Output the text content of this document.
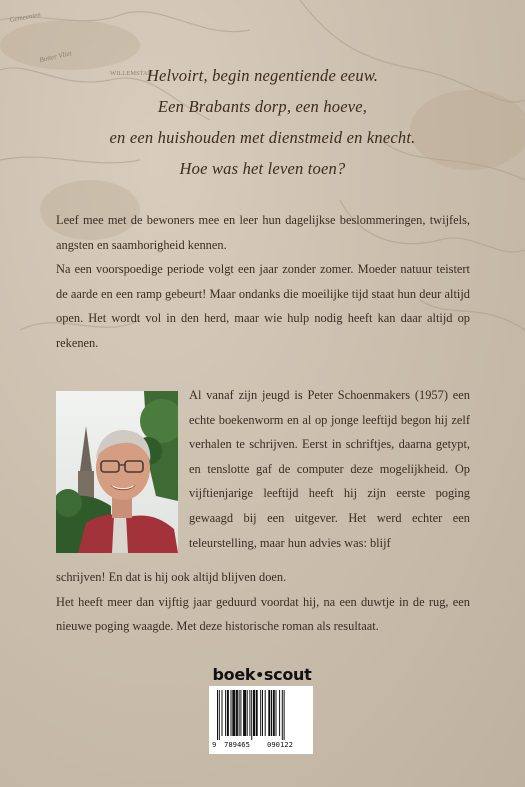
Gemeenten
Butter Vliet
WILLEMSTAD
Helvoirt, begin negentiende eeuw.
Een Brabants dorp, een hoeve,
en een huishouden met dienstmeid en knecht.
Hoe was het leven toen?

Leef mee met de bewoners mee en leer hun dagelijkse beslommeringen, twijfels, angsten en saamhorigheid kennen.

Na een voorspoedige periode volgt een jaar zonder zomer. Moeder natuur teistert de aarde en een ramp gebeurt! Maar ondanks die moeilijke tijd staat hun deur altijd open. Het wordt vol in den herd, maar wie hulp nodig heeft kan daar altijd op rekenen.

Al vanaf zijn jeugd is Peter Schoenmakers (1957) een echte boekenworm en al op jonge leeftijd begon hij zelf verhalen te schrijven. Eerst in schriftjes, daarna getypt, en tenslotte gaf de computer deze mogelijkheid. Op vijftienjarige leeftijd heeft hij zijn eerste poging gewaagd bij een uitgever. Het werd echter een teleurstelling, maar hun advies was: blijf

schrijven! En dat is hij ook altijd blijven doen.

Het heeft meer dan vijftig jaar geduurd voordat hij, na een duwtje in de rug, een nieuwe poging waagde. Met deze historische roman als resultaat.

boek•scout
9 789465 090122
